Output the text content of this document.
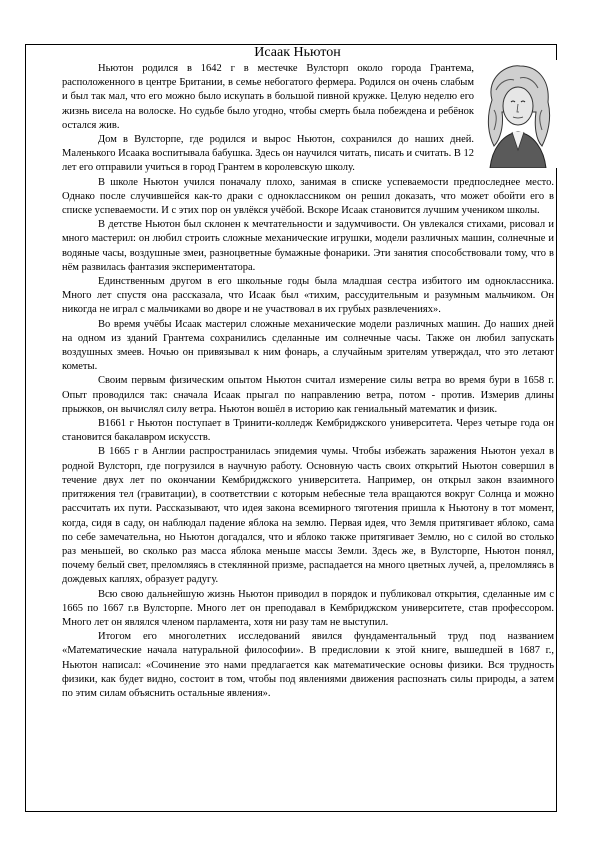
Исаак Ньютон

Ньютон родился в 1642 г в местечке Вулсторп около города Грантема, расположенного в центре Британии, в семье небогатого фермера. Родился он очень слабым и был так мал, что его можно было искупать в большой пивной кружке. Целую неделю его жизнь висела на волоске. Но судьбе было угодно, чтобы смерть была побеждена и ребёнок остался жив.

Дом в Вулсторпе, где родился и вырос Ньютон, сохранился до наших дней. Маленького Исаака воспитывала бабушка. Здесь он научился читать, писать и считать. В 12 лет его отправили учиться в город Грантем в королевскую школу.

В школе Ньютон учился поначалу плохо, занимая в списке успеваемости предпоследнее место. Однако после случившейся как-то драки с одноклассником он решил доказать, что может обойти его в списке успеваемости. И с этих пор он увлёкся учёбой. Вскоре Исаак становится лучшим учеником школы.

В детстве Ньютон был склонен к мечтательности и задумчивости. Он увлекался стихами, рисовал и много мастерил: он любил строить сложные механические игрушки, модели различных машин, солнечные и водяные часы, воздушные змеи, разноцветные бумажные фонарики. Эти занятия способствовали тому, что в нём развилась фантазия экспериментатора.

Единственным другом в его школьные годы была младшая сестра избитого им одноклассника. Много лет спустя она рассказала, что Исаак был «тихим, рассудительным и разумным мальчиком. Он никогда не играл с мальчиками во дворе и не участвовал в их грубых развлечениях».

Во время учёбы Исаак мастерил сложные механические модели различных машин. До наших дней на одном из зданий Грантема сохранились сделанные им солнечные часы. Также он любил запускать воздушных змеев. Ночью он привязывал к ним фонарь, а случайным зрителям утверждал, что это летают кометы.

Своим первым физическим опытом Ньютон считал измерение силы ветра во время бури в 1658 г. Опыт проводился так: сначала Исаак прыгал по направлению ветра, потом - против. Измерив длины прыжков, он вычислял силу ветра. Ньютон вошёл в историю как гениальный математик и физик.

В1661 г Ньютон поступает в Тринити-колледж Кембриджского университета. Через четыре года он становится бакалавром искусств.

В 1665 г в Англии распространилась эпидемия чумы. Чтобы избежать заражения Ньютон уехал в родной Вулсторп, где погрузился в научную работу. Основную часть своих открытий Ньютон совершил в течение двух лет по окончании Кембриджского университета. Например, он открыл закон взаимного притяжения тел (гравитации), в соответствии с которым небесные тела вращаются вокруг Солнца и можно рассчитать их пути. Рассказывают, что идея закона всемирного тяготения пришла к Ньютону в тот момент, когда, сидя в саду, он наблюдал падение яблока на землю. Первая идея, что Земля притягивает яблоко, сама по себе замечательна, но Ньютон догадался, что и яблоко также притягивает Землю, но с силой во столько раз меньшей, во сколько раз масса яблока меньше массы Земли. Здесь же, в Вулсторпе, Ньютон понял, почему белый свет, преломляясь в стеклянной призме, распадается на много цветных лучей, а, преломляясь в дождевых каплях, образует радугу.

Всю свою дальнейшую жизнь Ньютон приводил в порядок и публиковал открытия, сделанные им с 1665 по 1667 г.в Вулсторпе. Много лет он преподавал в Кембриджском университете, став профессором. Много лет он являлся членом парламента, хотя ни разу там не выступил.

Итогом его многолетних исследований явился фундаментальный труд под названием «Математические начала натуральной философии». В предисловии к этой книге, вышедшей в 1687 г., Ньютон написал: «Сочинение это нами предлагается как математические основы физики. Вся трудность физики, как будет видно, состоит в том, чтобы под явлениями движения распознать силы природы, а затем по этим силам объяснить остальные явления».
